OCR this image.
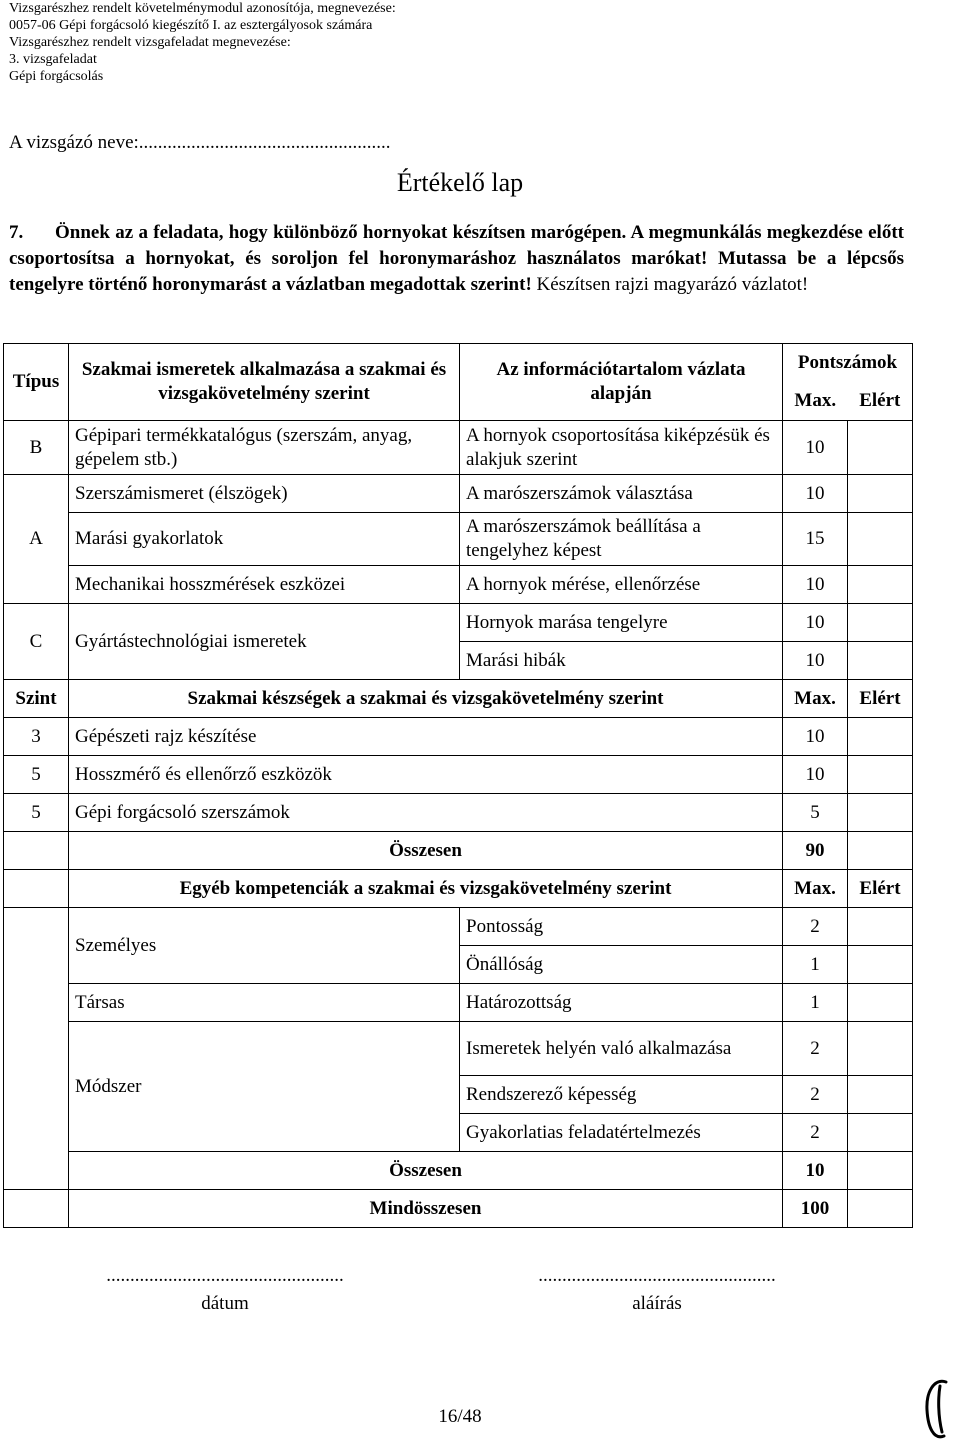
Vizsgarészhez rendelt követelménymodul azonosítója, megnevezése:
0057-06 Gépi forgácsoló kiegészítő I. az esztergályosok számára
Vizsgarészhez rendelt vizsgafeladat megnevezése:
3. vizsgafeladat
Gépi forgácsolás
A vizsgázó neve:.....................................................
Értékelő lap
7. Önnek az a feladata, hogy különböző hornyokat készítsen marógépen. A megmunkálás megkezdése előtt csoportosítsa a hornyokat, és soroljon fel horonymaráshoz használatos marókat! Mutassa be a lépcsős tengelyre történő horonymarást a vázlatban megadottak szerint! Készítsen rajzi magyarázó vázlatot!
Típus	Szakmai ismeretek alkalmazása a szakmai és vizsgakövetelmény szerint	Az információtartalom vázlata alapján	Pontszámok
Max. Elért	

B	Gépipari termékkatalógus (szerszám, anyag, gépelem stb.)	A hornyok csoportosítása kiképzésük és alakjuk szerint	10	
A	Szerszámismeret (élszögek)	A marószerszámok választása	10	
	Marási gyakorlatok	A marószerszámok beállítása a tengelyhez képest	15	
	Mechanikai hosszmérések eszközei	A hornyok mérése, ellenőrzése	10	
C	Gyártástechnológiai ismeretek	Hornyok marása tengelyre	10	
		Marási hibák	10	
Szint	Szakmai készségek a szakmai és vizsgakövetelmény szerint		Max.	Elért
3	Gépészeti rajz készítése		10	
5	Hosszmérő és ellenőrző eszközök		10	
5	Gépi forgácsoló szerszámok		5	
	Összesen		90	
	Egyéb kompetenciák a szakmai és vizsgakövetelmény szerint		Max.	Elért
	Személyes	Pontosság	2	
		Önállóság	1	
	Társas	Határozottság	1	
	Módszer	Ismeretek helyén való alkalmazása	2	
		Rendszerező képesség	2	
		Gyakorlatias feladatértelmezés	2	
	Összesen		10	
	Mindösszesen		100	
..................................................
dátum
..................................................
aláírás
16/48
